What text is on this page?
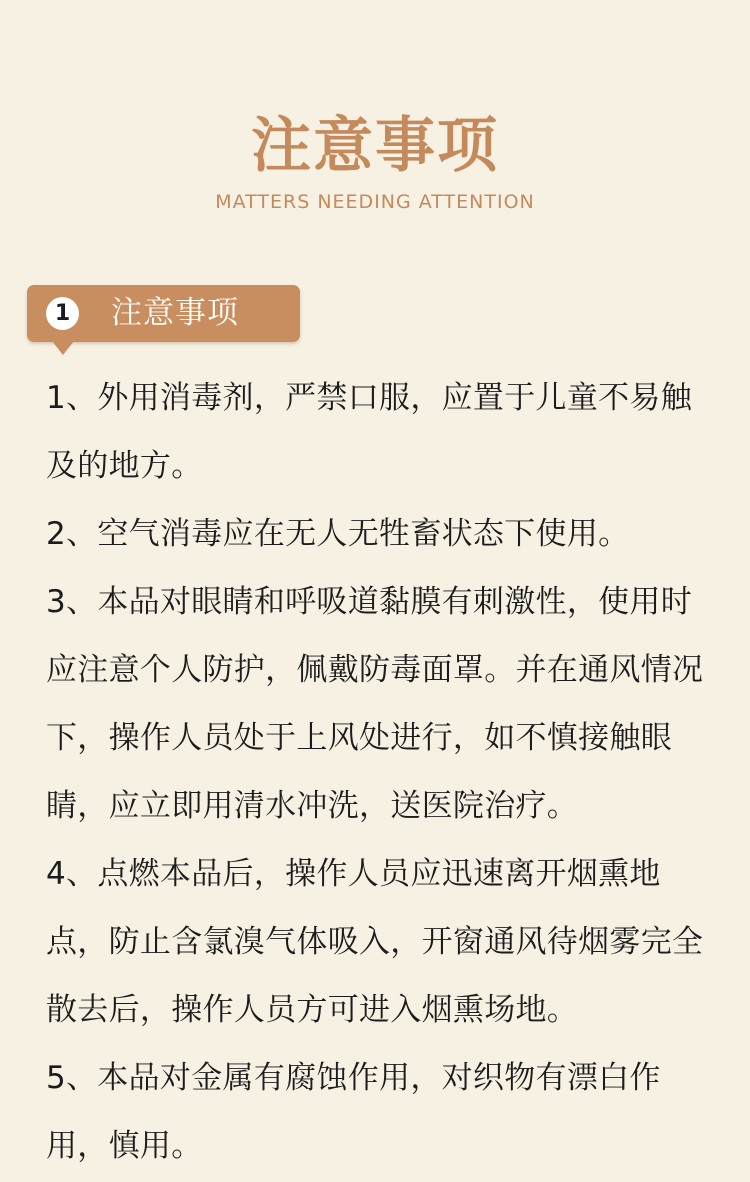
注意事项
MATTERS NEEDING ATTENTION
1 注意事项
1、外用消毒剂，严禁口服，应置于儿童不易触及的地方。
2、空气消毒应在无人无牲畜状态下使用。
3、本品对眼睛和呼吸道黏膜有刺激性，使用时应注意个人防护，佩戴防毒面罩。并在通风情况下，操作人员处于上风处进行，如不慎接触眼睛，应立即用清水冲洗，送医院治疗。
4、点燃本品后，操作人员应迅速离开烟熏地点，防止含氯溴气体吸入，开窗通风待烟雾完全散去后，操作人员方可进入烟熏场地。
5、本品对金属有腐蚀作用，对织物有漂白作用，慎用。
